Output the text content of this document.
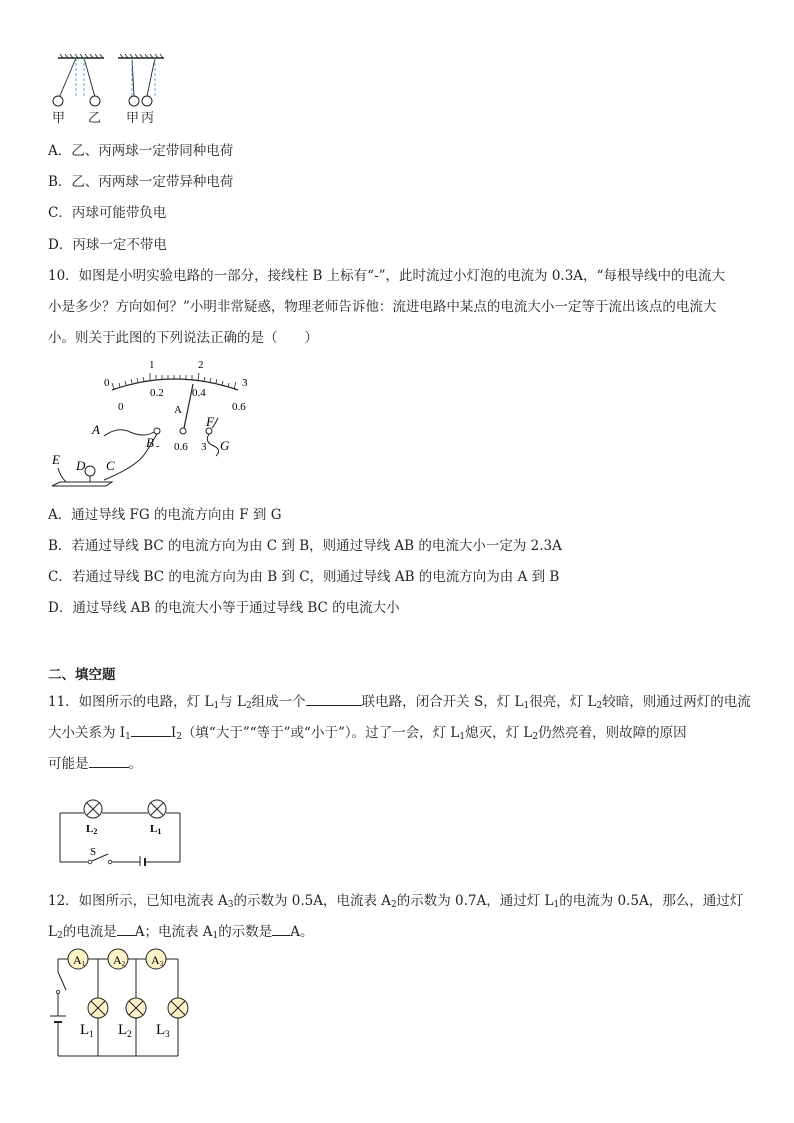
甲 乙 甲 丙
A．乙、丙两球一定带同种电荷
B．乙、丙两球一定带异种电荷
C．丙球可能带负电
D．丙球一定不带电
10．如图是小明实验电路的一部分，接线柱 B 上标有“-”，此时流过小灯泡的电流为 0.3A，“每根导线中的电流大
小是多少？方向如何？”小明非常疑惑，物理老师告诉他：流进电路中某点的电流大小一定等于流出该点的电流大
小。则关于此图的下列说法正确的是（　　）
0
1	2
3
0
0.2	0.4
0.6
A
0.6 3
A
B -
F
G
C
D
E
A．通过导线 FG 的电流方向由 F 到 G
B．若通过导线 BC 的电流方向为由 C 到 B，则通过导线 AB 的电流大小一定为 2.3A
C．若通过导线 BC 的电流方向为由 B 到 C，则通过导线 AB 的电流方向为由 A 到 B
D．通过导线 AB 的电流大小等于通过导线 BC 的电流大小
二、填空题
11．如图所示的电路，灯 $L_1$与 $L_2$组成一个	联电路，闭合开关 S，灯 $L_1$很亮，灯 $L_2$较暗，则通过两灯的电流
大小关系为 $I_1$	$I_2$（填“大于”“等于”或“小于”）。过了一会，灯 $L_1$熄灭，灯 $L_2$仍然亮着，则故障的原因
可能是	。
L2	L1
S
12．如图所示，已知电流表 $A_3$的示数为 0.5A，电流表 $A_2$的示数为 0.7A，通过灯 $L_1$的电流为 0.5A，那么，通过灯
$L_2$的电流是 A；电流表 $A_1$的示数是 A。
A1 A2 A3
$L_1$ $L_2$ $L_3$
